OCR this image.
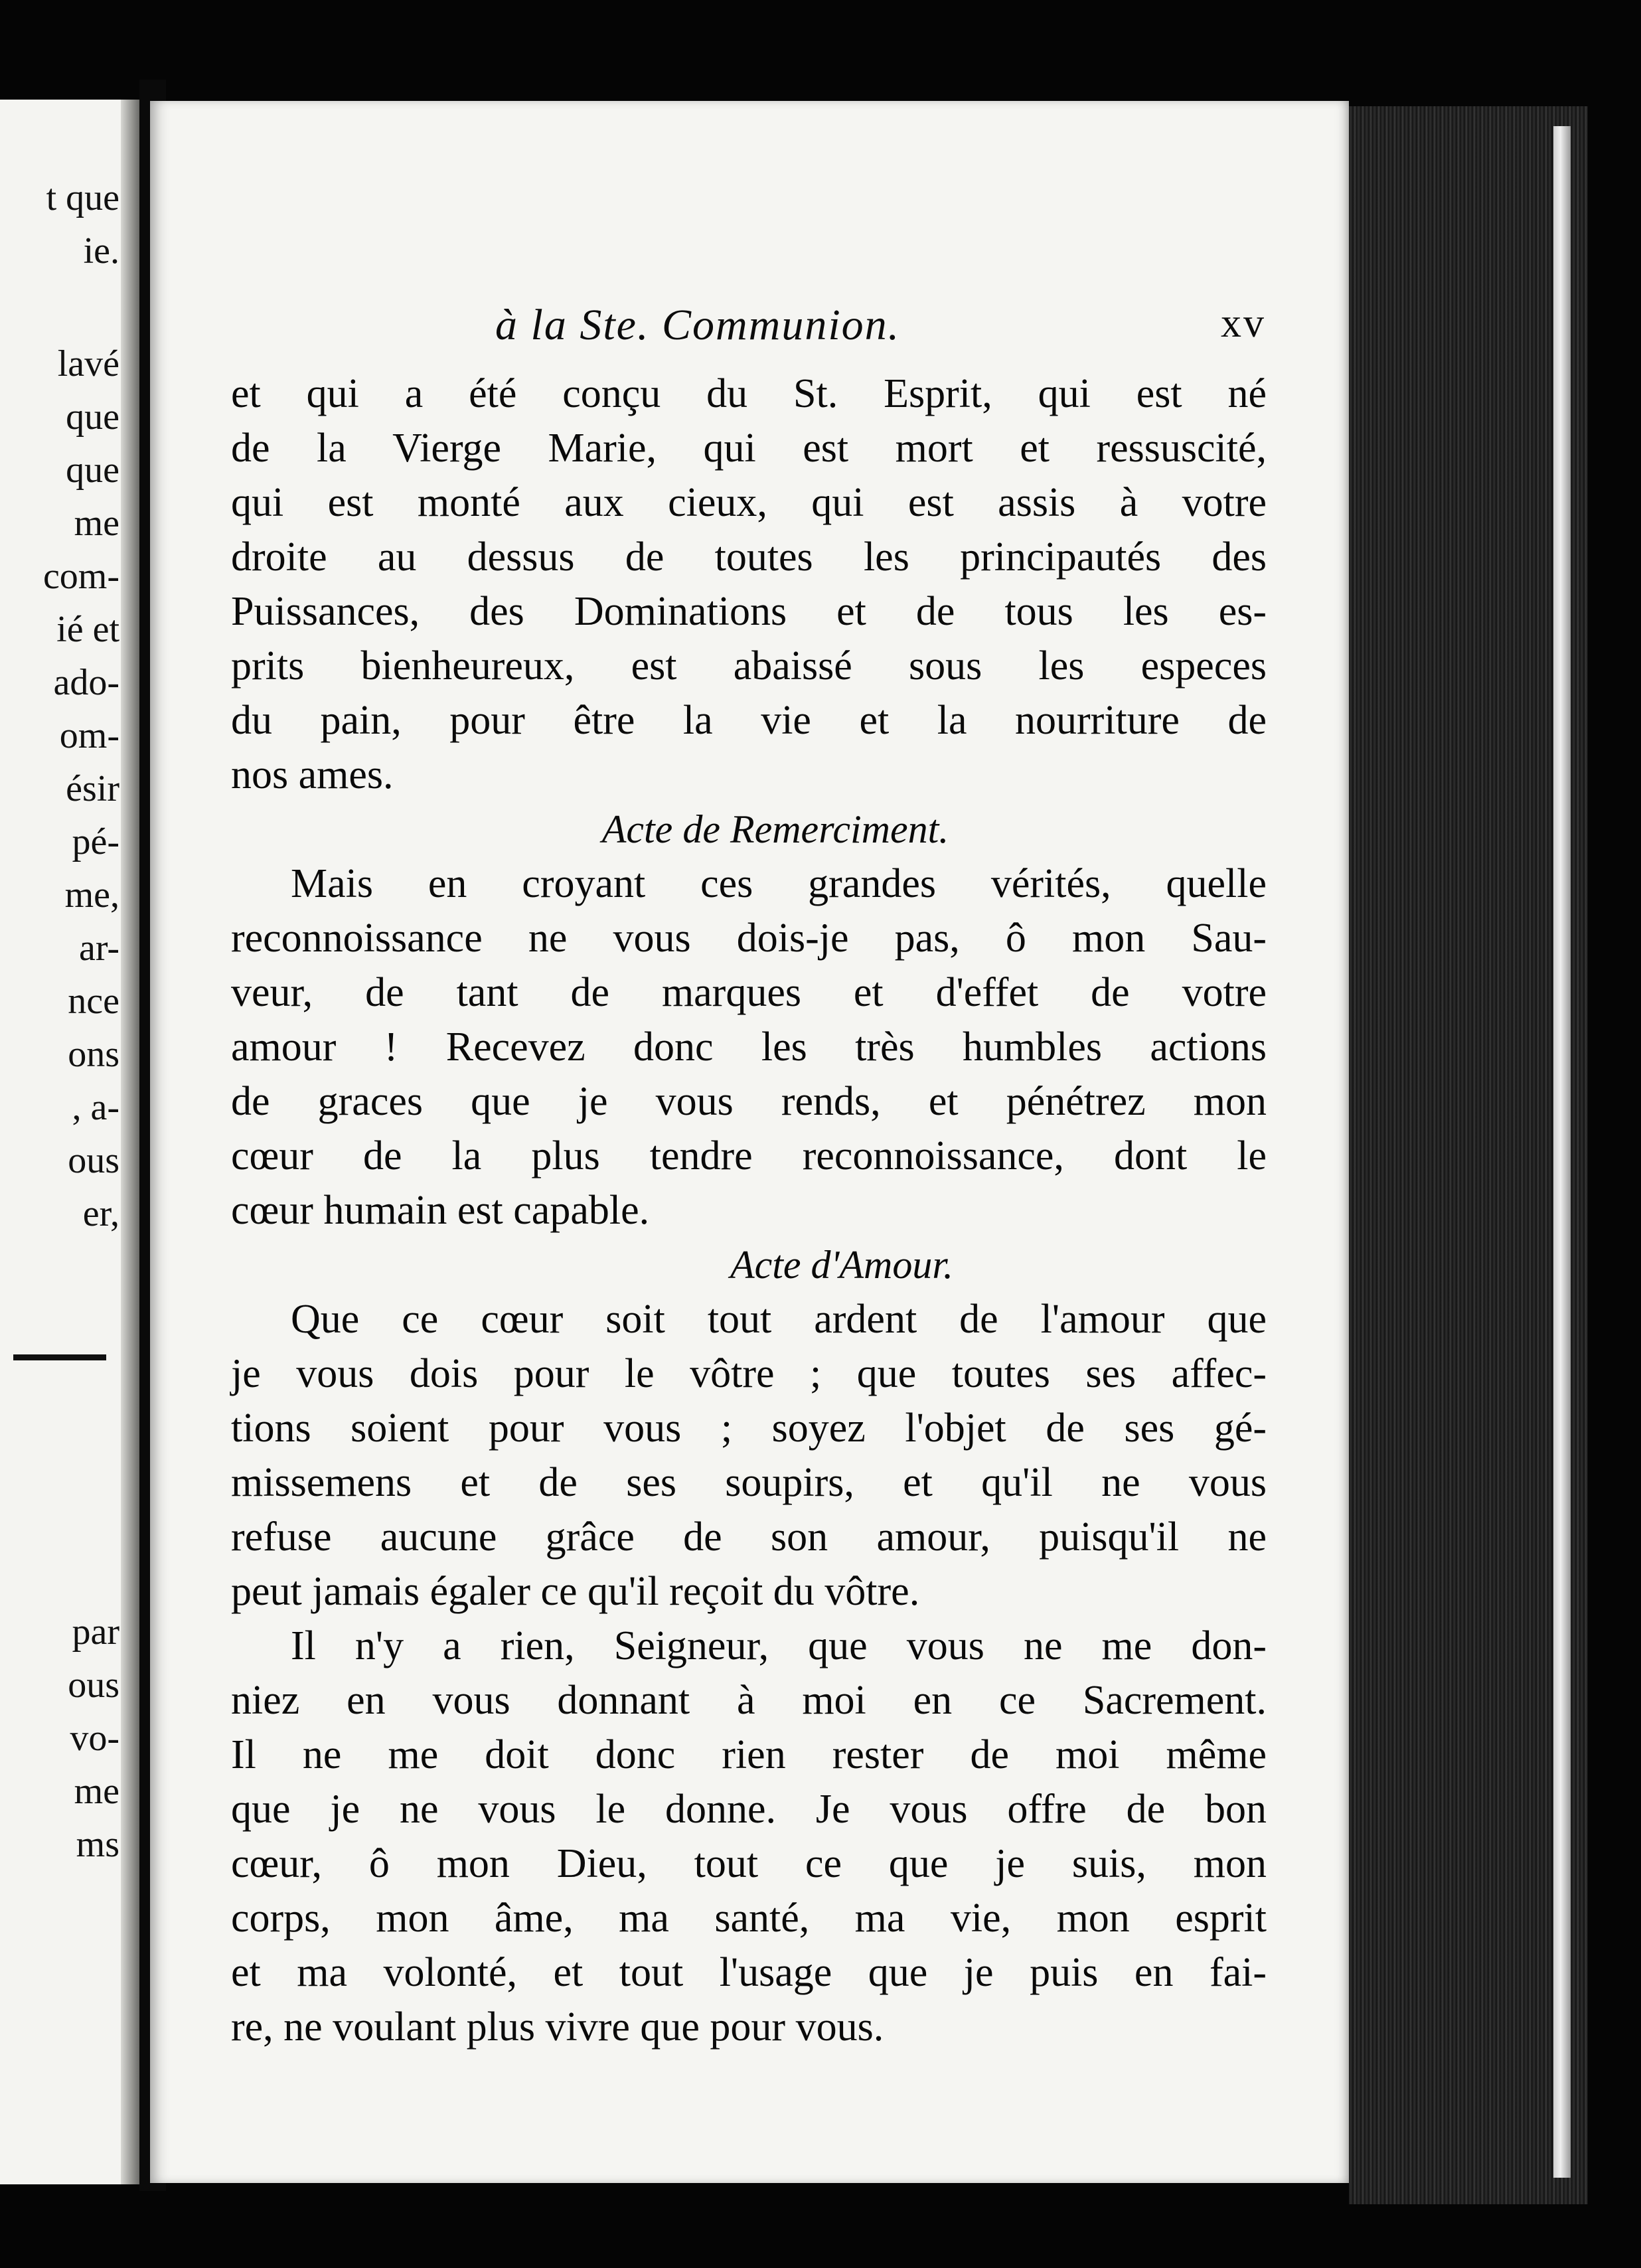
t que
ie.
lavé
que
que
me
com-
ié et
ado-
om-
ésir
pé-
me,
ar-
nce
ons
, a-
ous
er,
par
ous
vo-
me
ms
à la Ste. Communion.	xv
et qui a été conçu du St. Esprit, qui est né
de la Vierge Marie, qui est mort et ressuscité,
qui est monté aux cieux, qui est assis à votre
droite au dessus de toutes les principautés des
Puissances, des Dominations et de tous les es-
prits bienheureux, est abaissé sous les especes
du pain, pour être la vie et la nourriture de
nos ames.
Acte de Remerciment.
Mais en croyant ces grandes vérités, quelle
reconnoissance ne vous dois-je pas, ô mon Sau-
veur, de tant de marques et d'effet de votre
amour ! Recevez donc les très humbles actions
de graces que je vous rends, et pénétrez mon
cœur de la plus tendre reconnoissance, dont le
cœur humain est capable.
Acte d'Amour.
Que ce cœur soit tout ardent de l'amour que
je vous dois pour le vôtre ; que toutes ses affec-
tions soient pour vous ; soyez l'objet de ses gé-
missemens et de ses soupirs, et qu'il ne vous
refuse aucune grâce de son amour, puisqu'il ne
peut jamais égaler ce qu'il reçoit du vôtre.
Il n'y a rien, Seigneur, que vous ne me don-
niez en vous donnant à moi en ce Sacrement.
Il ne me doit donc rien rester de moi même
que je ne vous le donne. Je vous offre de bon
cœur, ô mon Dieu, tout ce que je suis, mon
corps, mon âme, ma santé, ma vie, mon esprit
et ma volonté, et tout l'usage que je puis en fai-
re, ne voulant plus vivre que pour vous.
